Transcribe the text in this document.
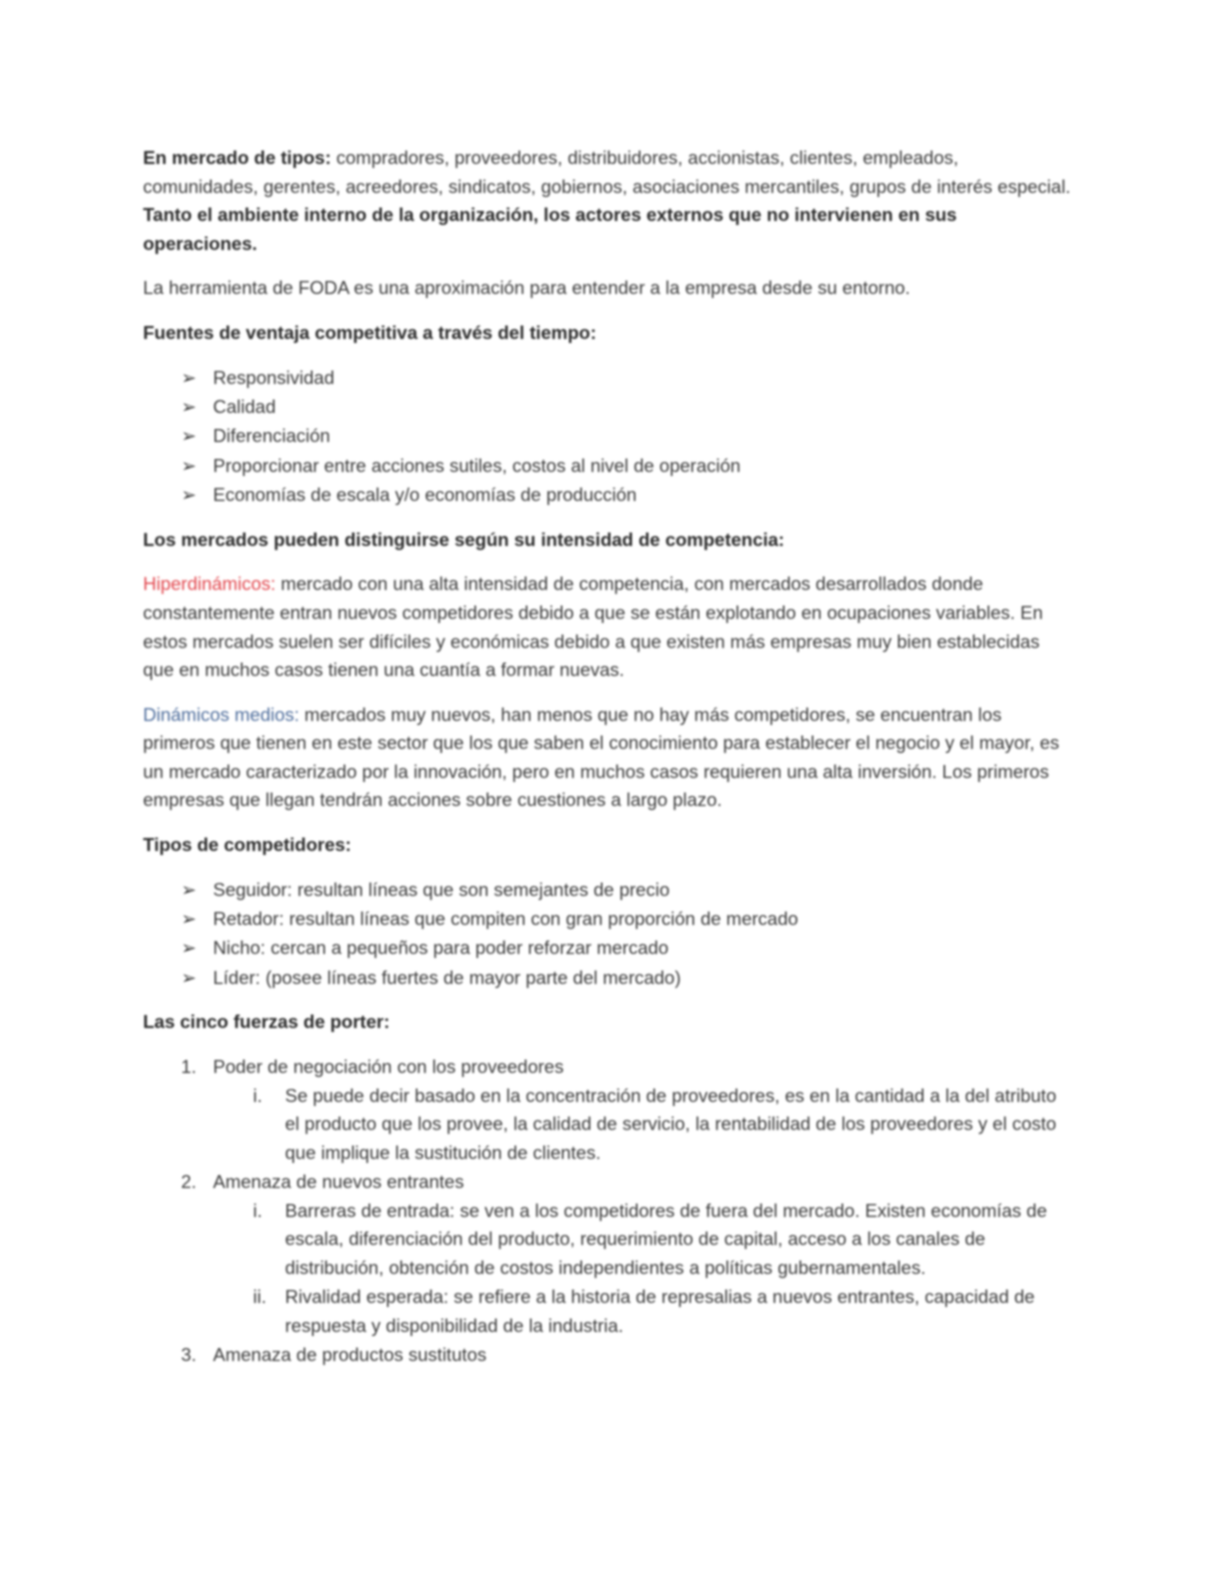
En mercado de tipos: compradores, proveedores, distribuidores, accionistas, clientes, empleados, comunidades, gerentes, acreedores, sindicatos, gobiernos, asociaciones mercantiles, grupos de interés especial. Tanto el ambiente interno de la organización, los actores externos que no intervienen en sus operaciones.

La herramienta de FODA es una aproximación para entender a la empresa desde su entorno.

Fuentes de ventaja competitiva a través del tiempo:

➢ Responsividad
➢ Calidad
➢ Diferenciación
➢ Proporcionar entre acciones sutiles, costos al nivel de operación
➢ Economías de escala y/o economías de producción

Los mercados pueden distinguirse según su intensidad de competencia:

Hiperdinámicos: mercado con una alta intensidad de competencia, con mercados desarrollados donde constantemente entran nuevos competidores debido a que se están explotando en ocupaciones variables. En estos mercados suelen ser difíciles y económicas debido a que existen más empresas muy bien establecidas que en muchos casos tienen una cuantía a formar nuevas.

Dinámicos medios: mercados muy nuevos, han menos que no hay más competidores, se encuentran los primeros que tienen en este sector que los que saben el conocimiento para establecer el negocio y el mayor, es un mercado caracterizado por la innovación, pero en muchos casos requieren una alta inversión. Los primeros empresas que llegan tendrán acciones sobre cuestiones a largo plazo.

Tipos de competidores:

➢ Seguidor: resultan líneas que son semejantes de precio
➢ Retador: resultan líneas que compiten con gran proporción de mercado
➢ Nicho: cercan a pequeños para poder reforzar mercado
➢ Líder: (posee líneas fuertes de mayor parte del mercado)

Las cinco fuerzas de porter:

1. Poder de negociación con los proveedores
i. Se puede decir basado en la concentración de proveedores, es en la cantidad a la del atributo el producto que los provee, la calidad de servicio, la rentabilidad de los proveedores y el costo que implique la sustitución de clientes.
2. Amenaza de nuevos entrantes
i. Barreras de entrada: se ven a los competidores de fuera del mercado. Existen economías de escala, diferenciación del producto, requerimiento de capital, acceso a los canales de distribución, obtención de costos independientes a políticas gubernamentales.
ii. Rivalidad esperada: se refiere a la historia de represalias a nuevos entrantes, capacidad de respuesta y disponibilidad de la industria.
3. Amenaza de productos sustitutos
